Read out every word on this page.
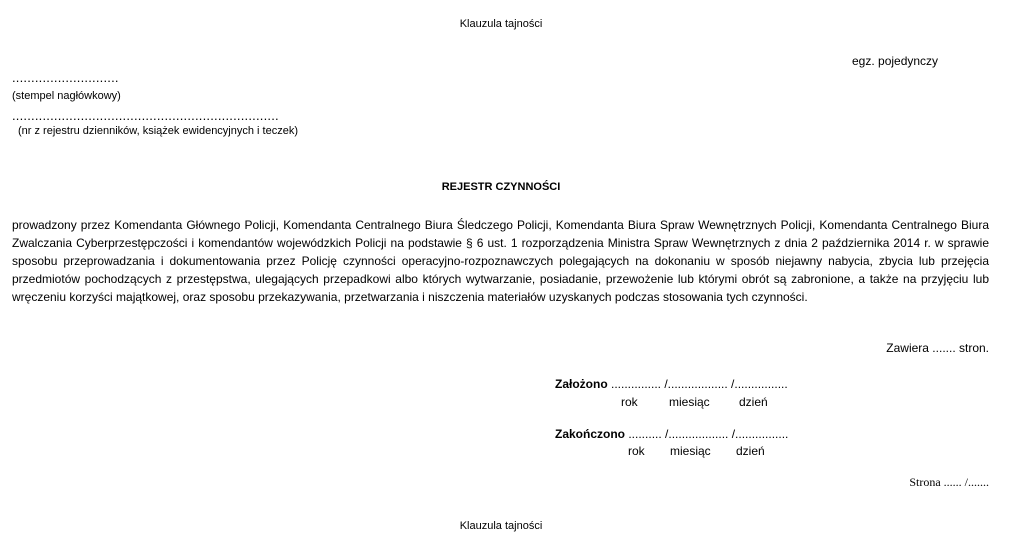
Klauzula tajności
egz. pojedynczy
............................
(stempel nagłówkowy)
......................................................................
(nr z rejestru dzienników, książek ewidencyjnych i teczek)
REJESTR CZYNNOŚCI
prowadzony przez Komendanta Głównego Policji, Komendanta Centralnego Biura Śledczego Policji, Komendanta Biura Spraw Wewnętrznych Policji, Komendanta Centralnego Biura Zwalczania Cyberprzestępczości i komendantów wojewódzkich Policji na podstawie § 6 ust. 1 rozporządzenia Ministra Spraw Wewnętrznych z dnia 2 października 2014 r. w sprawie sposobu przeprowadzania i dokumentowania przez Policję czynności operacyjno-rozpoznawczych polegających na dokonaniu w sposób niejawny nabycia, zbycia lub przejęcia przedmiotów pochodzących z przestępstwa, ulegających przepadkowi albo których wytwarzanie, posiadanie, przewożenie lub którymi obrót są zabronione, a także na przyjęciu lub wręczeniu korzyści majątkowej, oraz sposobu przekazywania, przetwarzania i niszczenia materiałów uzyskanych podczas stosowania tych czynności.
Zawiera ....... stron.
Założono ............... /.................. /................
rok	miesiąc dzień
Zakończono .......... /.................. /................
rok miesiąc dzień
Strona ...... /.......
Klauzula tajności
